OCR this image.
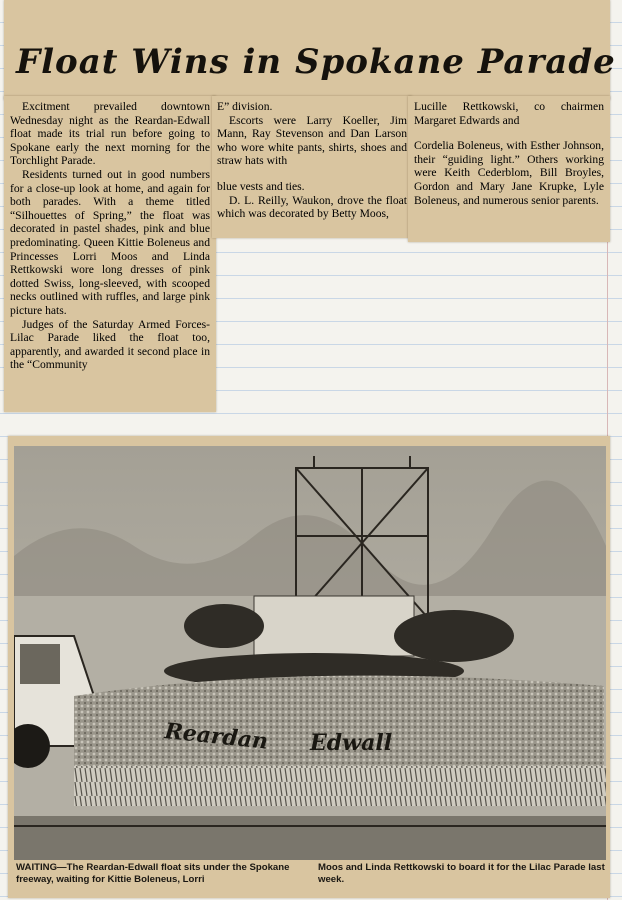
Float Wins in Spokane Parade

Excitment prevailed downtown Wednesday night as the Reardan-Edwall float made its trial run before going to Spokane early the next morning for the Torchlight Parade.

Residents turned out in good numbers for a close-up look at home, and again for both parades. With a theme titled “Silhouettes of Spring,” the float was decorated in pastel shades, pink and blue predominating. Queen Kittie Boleneus and Princesses Lorri Moos and Linda Rettkowski wore long dresses of pink dotted Swiss, long-sleeved, with scooped necks outlined with ruffles, and large pink picture hats.

Judges of the Saturday Armed Forces-Lilac Parade liked the float too, apparently, and awarded it second place in the “Community

E” division.

Escorts were Larry Koeller, Jim Mann, Ray Stevenson and Dan Larson who wore white pants, shirts, shoes and straw hats with

blue vests and ties.

D. L. Reilly, Waukon, drove the float which was decorated by Betty Moos,

Lucille Rettkowski, co chairmen Margaret Edwards and

Cordelia Boleneus, with Esther Johnson, their “guiding light.” Others working were Keith Cederblom, Bill Broyles, Gordon and Mary Jane Krupke, Lyle Boleneus, and numerous senior parents.

Reardan Edwall
WAITING—The Reardan-Edwall float sits under the Spokane freeway, waiting for Kittie Boleneus, Lorri
Moos and Linda Rettkowski to board it for the Lilac Parade last week.
